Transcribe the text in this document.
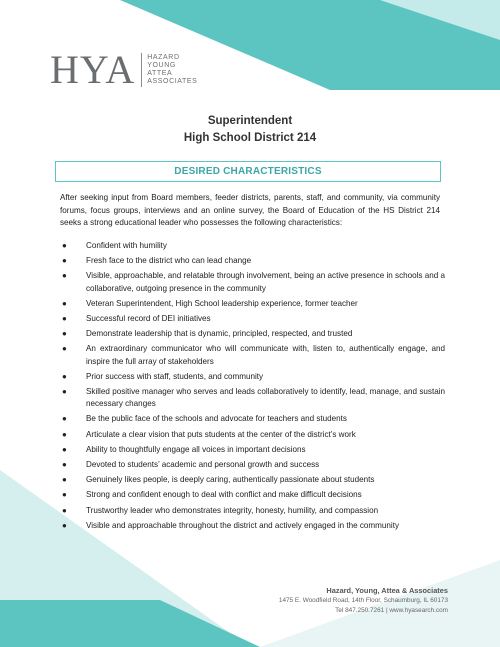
HYA HAZARD
YOUNG
ATTEA
ASSOCIATES
Superintendent
High School District 214
DESIRED CHARACTERISTICS
After seeking input from Board members, feeder districts, parents, staff, and community, via community forums, focus groups, interviews and an online survey, the Board of Education of the HS District 214 seeks a strong educational leader who possesses the following characteristics:
● Confident with humility
● Fresh face to the district who can lead change
● Visible, approachable, and relatable through involvement, being an active presence in schools and a collaborative, outgoing presence in the community
● Veteran Superintendent, High School leadership experience, former teacher
● Successful record of DEI initiatives
● Demonstrate leadership that is dynamic, principled, respected, and trusted
● An extraordinary communicator who will communicate with, listen to, authentically engage, and inspire the full array of stakeholders
● Prior success with staff, students, and community
● Skilled positive manager who serves and leads collaboratively to identify, lead, manage, and sustain necessary changes
● Be the public face of the schools and advocate for teachers and students
● Articulate a clear vision that puts students at the center of the district’s work
● Ability to thoughtfully engage all voices in important decisions
● Devoted to students’ academic and personal growth and success
● Genuinely likes people, is deeply caring, authentically passionate about students
● Strong and confident enough to deal with conflict and make difficult decisions
● Trustworthy leader who demonstrates integrity, honesty, humility, and compassion
● Visible and approachable throughout the district and actively engaged in the community
Hazard, Young, Attea & Associates
1475 E. Woodfield Road, 14th Floor, Schaumburg, IL 60173
Tel 847.250.7261 | www.hyasearch.com
